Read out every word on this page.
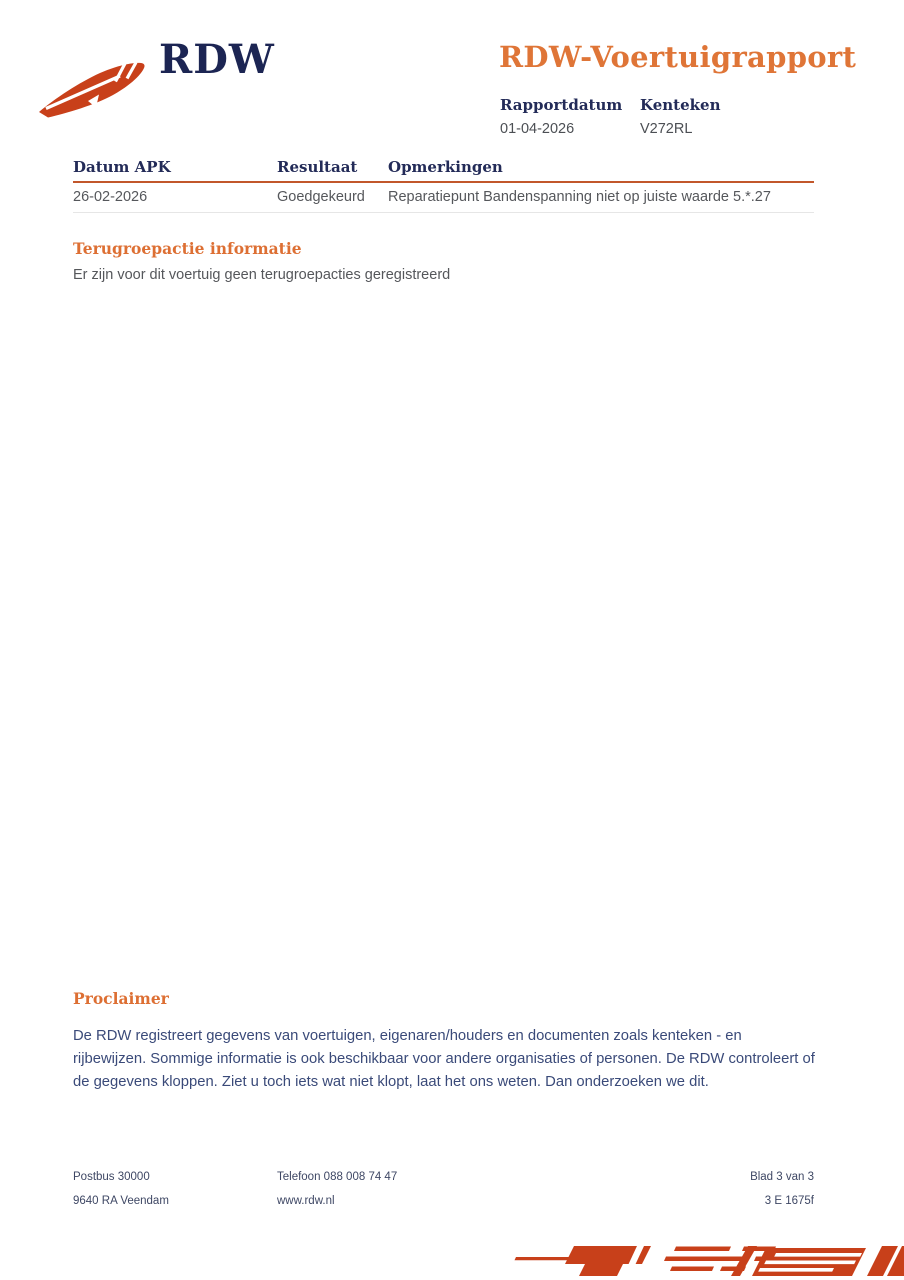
RDW	RDW-Voertuigrapport
Rapportdatum
01-04-2026
Kenteken
V272RL
Datum APK	Resultaat	Opmerkingen
26-02-2026	Goedgekeurd	Reparatiepunt Bandenspanning niet op juiste waarde 5.*.27
Terugroepactie informatie
Er zijn voor dit voertuig geen terugroepacties geregistreerd
Proclaimer
De RDW registreert gegevens van voertuigen, eigenaren/houders en documenten zoals kenteken - en rijbewijzen. Sommige informatie is ook beschikbaar voor andere organisaties of personen. De RDW controleert of de gegevens kloppen. Ziet u toch iets wat niet klopt, laat het ons weten. Dan onderzoeken we dit.
Postbus 30000	Telefoon 088 008 74 47	Blad 3 van 3
9640 RA Veendam	www.rdw.nl	3 E 1675f
